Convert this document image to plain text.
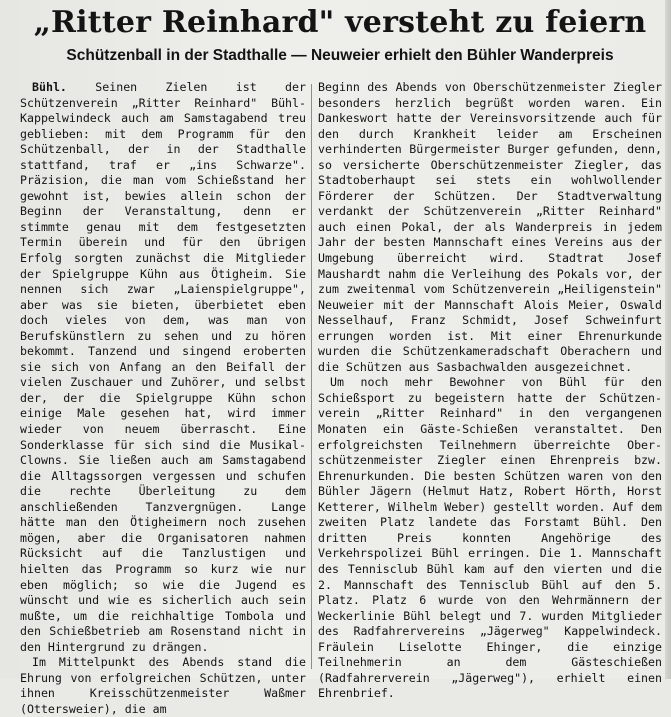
„Ritter Reinhard" versteht zu feiern
Schützenball in der Stadthalle — Neuweier erhielt den Bühler Wanderpreis

Bühl. Seinen Zielen ist der Schützenverein „Ritter Reinhard" Bühl-Kappelwindeck auch am Samstagabend treu geblieben: mit dem Programm für den Schützenball, der in der Stadthalle stattfand, traf er „ins Schwarze". Präzision, die man vom Schießstand her gewohnt ist, bewies allein schon der Beginn der Veranstaltung, denn er stimmte genau mit dem festgesetzten Termin überein und für den übrigen Erfolg sorgten zunächst die Mitglieder der Spielgruppe Kühn aus Ötigheim. Sie nennen sich zwar „Laienspielgruppe", aber was sie bieten, überbietet eben doch vieles von dem, was man von Berufskünstlern zu sehen und zu hören bekommt. Tanzend und singend eroberten sie sich von Anfang an den Beifall der vielen Zuschauer und Zuhörer, und selbst der, der die Spielgruppe Kühn schon einige Male gesehen hat, wird immer wieder von neuem überrascht. Eine Sonderklasse für sich sind die Musikal-Clowns. Sie ließen auch am Samstagabend die Alltagssorgen vergessen und schufen die rechte Überleitung zu dem anschließenden Tanzvergnügen. Lange hätte man den Ötigheimern noch zusehen mögen, aber die Organisatoren nahmen Rücksicht auf die Tanzlustigen und hielten das Programm so kurz wie nur eben möglich; so wie die Jugend es wünscht und wie es sicherlich auch sein mußte, um die reichhaltige Tombola und den Schießbetrieb am Rosenstand nicht in den Hintergrund zu drängen.

Im Mittelpunkt des Abends stand die Ehrung von erfolgreichen Schützen, unter ihnen Kreisschützenmeister Waßmer (Ottersweier), die am

Beginn des Abends von Oberschützenmeister Ziegler besonders herzlich begrüßt worden waren. Ein Dankeswort hatte der Vereinsvorsitzende auch für den durch Krankheit leider am Erscheinen verhinderten Bürgermeister Burger gefunden, denn, so versicherte Oberschützenmeister Ziegler, das Stadtoberhaupt sei stets ein wohlwollender Förderer der Schützen. Der Stadtverwaltung verdankt der Schützenverein „Ritter Reinhard" auch einen Pokal, der als Wanderpreis in jedem Jahr der besten Mannschaft eines Vereins aus der Umgebung überreicht wird. Stadtrat Josef Maushardt nahm die Verleihung des Pokals vor, der zum zweitenmal vom Schützenverein „Heiligenstein" Neuweier mit der Mannschaft Alois Meier, Oswald Nesselhauf, Franz Schmidt, Josef Schweinfurt errungen worden ist. Mit einer Ehrenurkunde wurden die Schützenkameradschaft Oberachern und die Schützen aus Sasbachwalden ausgezeichnet.

Um noch mehr Bewohner von Bühl für den Schießsport zu begeistern hatte der Schützenverein „Ritter Reinhard" in den vergangenen Monaten ein Gäste-Schießen veranstaltet. Den erfolgreichsten Teilnehmern überreichte Oberschützenmeister Ziegler einen Ehrenpreis bzw. Ehrenurkunden. Die besten Schützen waren von den Bühler Jägern (Helmut Hatz, Robert Hörth, Horst Ketterer, Wilhelm Weber) gestellt worden. Auf dem zweiten Platz landete das Forstamt Bühl. Den dritten Preis konnten Angehörige des Verkehrspolizei Bühl erringen. Die 1. Mannschaft des Tennisclub Bühl kam auf den vierten und die 2. Mannschaft des Tennisclub Bühl auf den 5. Platz. Platz 6 wurde von den Wehrmännern der Weckerlinie Bühl belegt und 7. wurden Mitglieder des Radfahrervereins „Jägerweg" Kappelwindeck. Fräulein Liselotte Ehinger, die einzige Teilnehmerin an dem Gästeschießen (Radfahrerverein „Jägerweg"), erhielt einen Ehrenbrief.
